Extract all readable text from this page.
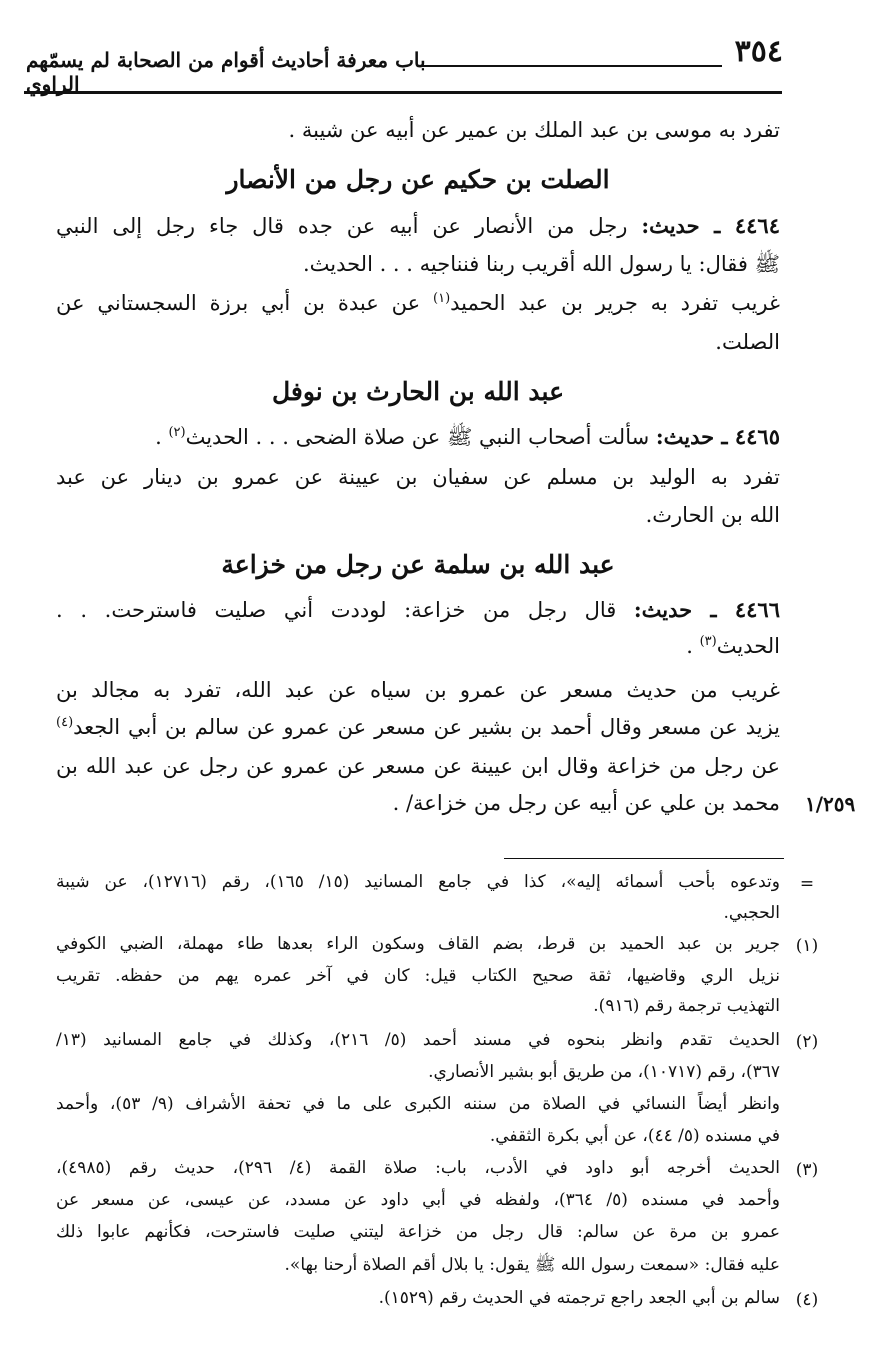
٣٥٤
باب معرفة أحاديث أقوام من الصحابة لم يسمّهم الراوي
تفرد به موسى بن عبد الملك بن عمير عن أبيه عن شيبة .
الصلت بن حكيم عن رجل من الأنصار
٤٤٦٤ ـ حديث: رجل من الأنصار عن أبيه عن جده قال جاء رجل إلى النبي
ﷺ فقال: يا رسول الله أقريب ربنا فنناجيه . . . الحديث.
غريب تفرد به جرير بن عبد الحميد$^{(١)}$ عن عبدة بن أبي برزة السجستاني عن
الصلت.
عبد الله بن الحارث بن نوفل
٤٤٦٥ ـ حديث: سألت أصحاب النبي ﷺ عن صلاة الضحى . . . الحديث$^{(٢)}$ .
تفرد به الوليد بن مسلم عن سفيان بن عيينة عن عمرو بن دينار عن عبد
الله بن الحارث.
عبد الله بن سلمة عن رجل من خزاعة
٤٤٦٦ ـ حديث: قال رجل من خزاعة: لوددت أني صليت فاسترحت. . .
الحديث$^{(٣)}$ .
غريب من حديث مسعر عن عمرو بن سياه عن عبد الله، تفرد به مجالد بن
يزيد عن مسعر وقال أحمد بن بشير عن مسعر عن عمرو عن سالم بن أبي الجعد$^{(٤)}$
عن رجل من خزاعة وقال ابن عيينة عن مسعر عن عمرو عن رجل عن عبد الله بن
محمد بن علي عن أبيه عن رجل من خزاعة/ . ١/٢٥٩
=
وتدعوه بأحب أسمائه إليه»، كذا في جامع المسانيد (١٥/ ١٦٥)، رقم (١٢٧١٦)، عن شيبة
الحجبي.
(١)
جرير بن عبد الحميد بن قرط، بضم القاف وسكون الراء بعدها طاء مهملة، الضبي الكوفي
نزيل الري وقاضيها، ثقة صحيح الكتاب قيل: كان في آخر عمره يهم من حفظه. تقريب
التهذيب ترجمة رقم (٩١٦).
(٢)
الحديث تقدم وانظر بنحوه في مسند أحمد (٥/ ٢١٦)، وكذلك في جامع المسانيد (١٣/
٣٦٧)، رقم (١٠٧١٧)، من طريق أبو بشير الأنصاري.
وانظر أيضاً النسائي في الصلاة من سننه الكبرى على ما في تحفة الأشراف (٩/ ٥٣)، وأحمد
في مسنده (٥/ ٤٤)، عن أبي بكرة الثقفي.
(٣)
الحديث أخرجه أبو داود في الأدب، باب: صلاة القمة (٤/ ٢٩٦)، حديث رقم (٤٩٨٥)،
وأحمد في مسنده (٥/ ٣٦٤)، ولفظه في أبي داود عن مسدد، عن عيسى، عن مسعر عن
عمرو بن مرة عن سالم: قال رجل من خزاعة ليتني صليت فاسترحت، فكأنهم عابوا ذلك
عليه فقال: «سمعت رسول الله ﷺ يقول: يا بلال أقم الصلاة أرحنا بها».
(٤)
سالم بن أبي الجعد راجع ترجمته في الحديث رقم (١٥٢٩).
